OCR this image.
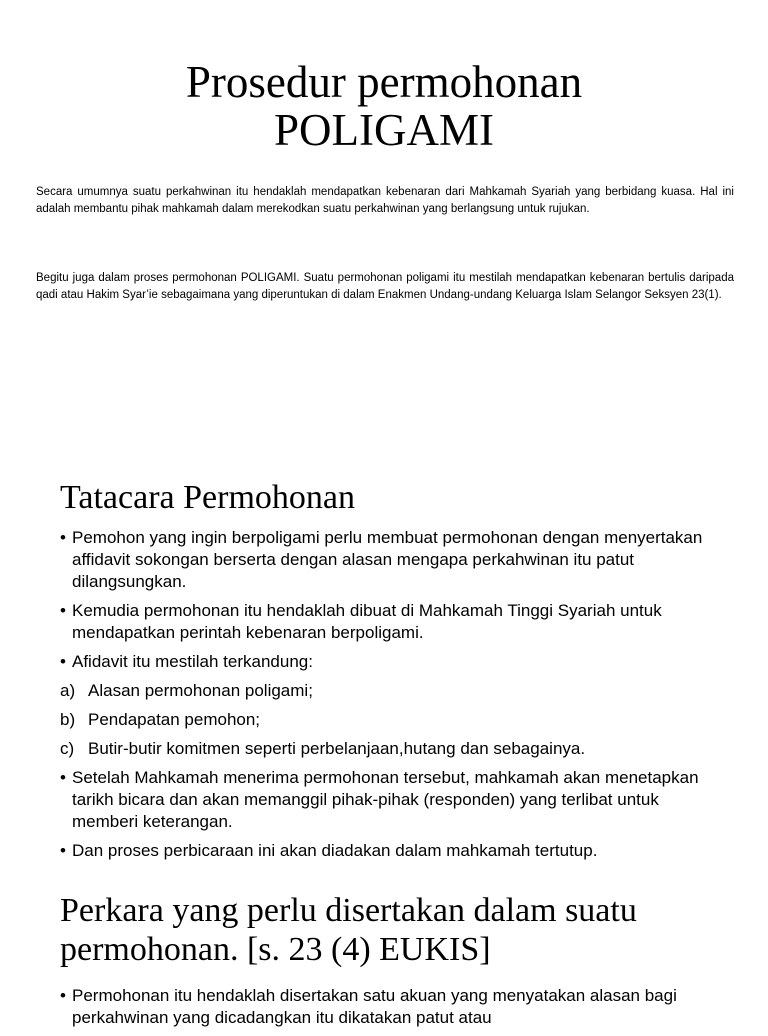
Prosedur permohonan
POLIGAMI

Secara umumnya suatu perkahwinan itu hendaklah mendapatkan kebenaran dari Mahkamah Syariah yang berbidang kuasa. Hal ini adalah membantu pihak mahkamah dalam merekodkan suatu perkahwinan yang berlangsung untuk rujukan.

Begitu juga dalam proses permohonan POLIGAMI. Suatu permohonan poligami itu mestilah mendapatkan kebenaran bertulis daripada qadi atau Hakim Syar’ie sebagaimana yang diperuntukan di dalam Enakmen Undang-undang Keluarga Islam Selangor Seksyen 23(1).

Tatacara Permohonan
• Pemohon yang ingin berpoligami perlu membuat permohonan dengan menyertakan affidavit sokongan berserta dengan alasan mengapa perkahwinan itu patut dilangsungkan.
• Kemudia permohonan itu hendaklah dibuat di Mahkamah Tinggi Syariah untuk mendapatkan perintah kebenaran berpoligami.
• Afidavit itu mestilah terkandung:
a) Alasan permohonan poligami;
b) Pendapatan pemohon;
c) Butir-butir komitmen seperti perbelanjaan,hutang dan sebagainya.
• Setelah Mahkamah menerima permohonan tersebut, mahkamah akan menetapkan tarikh bicara dan akan memanggil pihak-pihak (responden) yang terlibat untuk memberi keterangan.
• Dan proses perbicaraan ini akan diadakan dalam mahkamah tertutup.
Perkara yang perlu disertakan dalam suatu permohonan. [s. 23 (4) EUKIS]
• Permohonan itu hendaklah disertakan satu akuan yang menyatakan alasan bagi perkahwinan yang dicadangkan itu dikatakan patut atau
